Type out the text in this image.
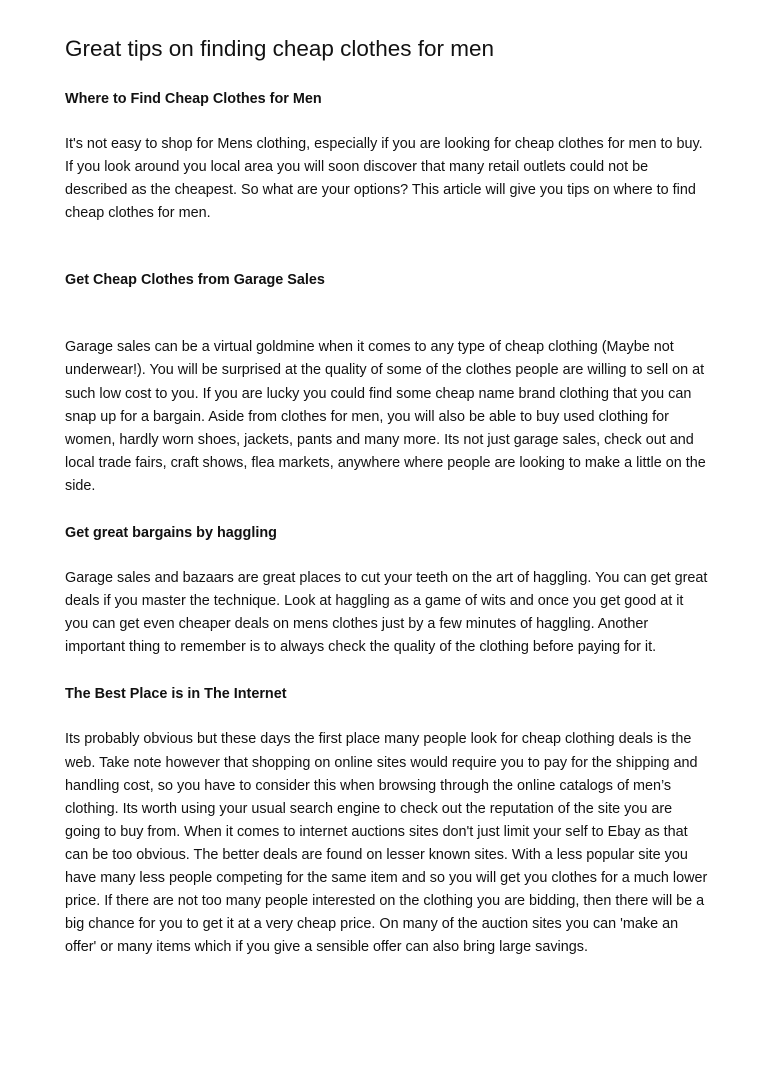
Great tips on finding cheap clothes for men
Where to Find Cheap Clothes for Men

It's not easy to shop for Mens clothing, especially if you are looking for cheap clothes for men to buy. If you look around you local area you will soon discover that many retail outlets could not be described as the cheapest. So what are your options? This article will give you tips on where to find cheap clothes for men.

Get Cheap Clothes from Garage Sales

Garage sales can be a virtual goldmine when it comes to any type of cheap clothing (Maybe not underwear!). You will be surprised at the quality of some of the clothes people are willing to sell on at such low cost to you. If you are lucky you could find some cheap name brand clothing that you can snap up for a bargain. Aside from clothes for men, you will also be able to buy used clothing for women, hardly worn shoes, jackets, pants and many more. Its not just garage sales, check out and local trade fairs, craft shows, flea markets, anywhere where people are looking to make a little on the side.

Get great bargains by haggling

Garage sales and bazaars are great places to cut your teeth on the art of haggling. You can get great deals if you master the technique. Look at haggling as a game of wits and once you get good at it you can get even cheaper deals on mens clothes just by a few minutes of haggling. Another important thing to remember is to always check the quality of the clothing before paying for it.

The Best Place is in The Internet

Its probably obvious but these days the first place many people look for cheap clothing deals is the web. Take note however that shopping on online sites would require you to pay for the shipping and handling cost, so you have to consider this when browsing through the online catalogs of men’s clothing. Its worth using your usual search engine to check out the reputation of the site you are going to buy from. When it comes to internet auctions sites don't just limit your self to Ebay as that can be too obvious. The better deals are found on lesser known sites. With a less popular site you have many less people competing for the same item and so you will get you clothes for a much lower price. If there are not too many people interested on the clothing you are bidding, then there will be a big chance for you to get it at a very cheap price. On many of the auction sites you can 'make an offer' or many items which if you give a sensible offer can also bring large savings.
